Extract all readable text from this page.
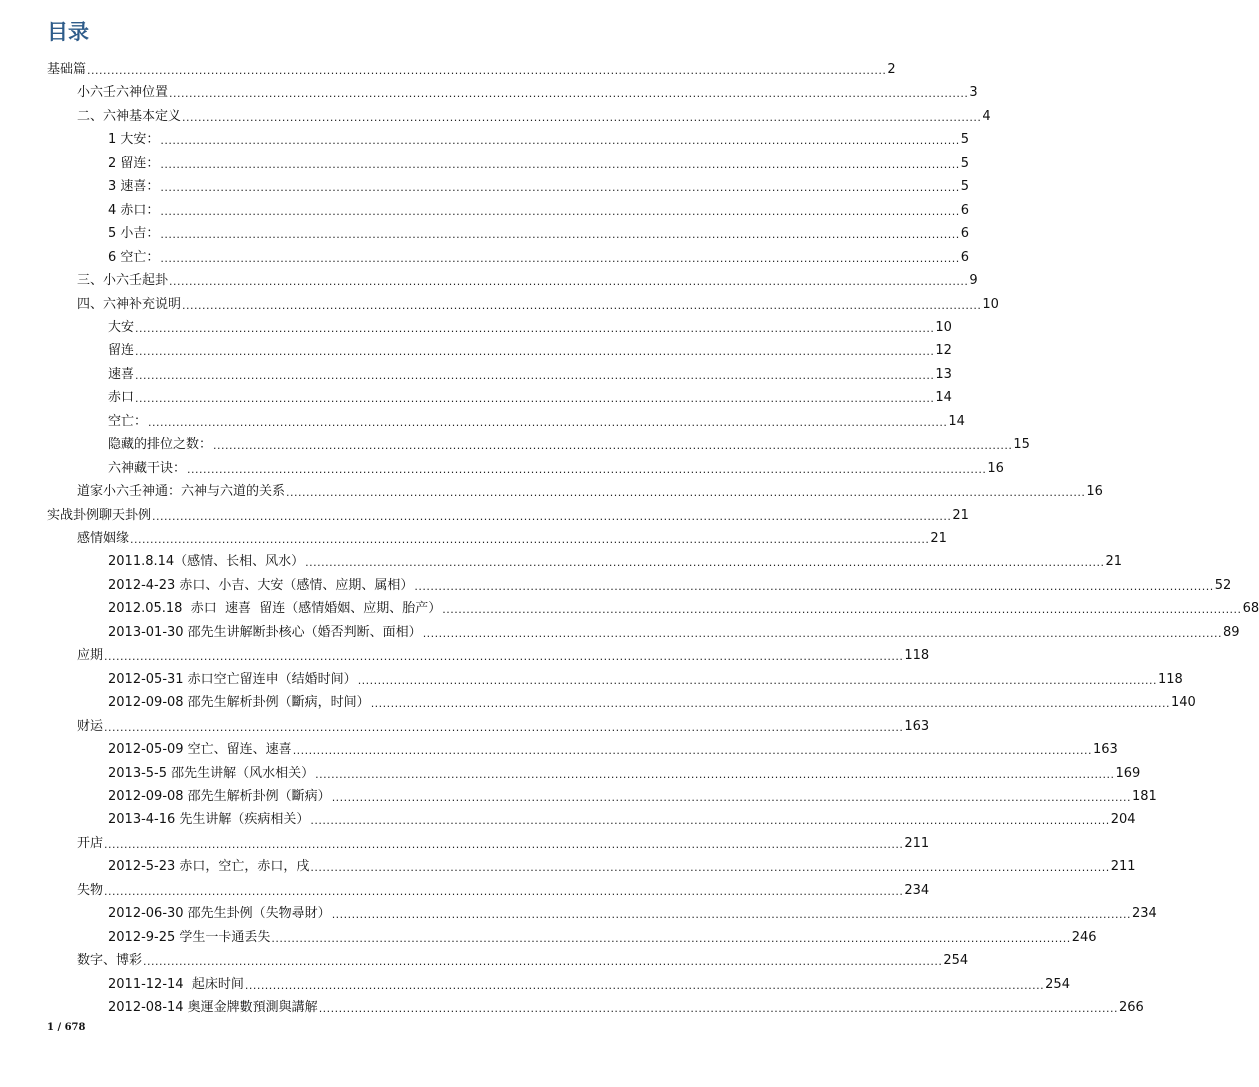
目录
基础篇 ........................................................................................................................................................................................................ 2
小六壬六神位置 ........................................................................................................................................................................................................ 3
二、六神基本定义 ........................................................................................................................................................................................................ 4
1 大安： ........................................................................................................................................................................................................ 5
2 留连： ........................................................................................................................................................................................................ 5
3 速喜： ........................................................................................................................................................................................................ 5
4 赤口： ........................................................................................................................................................................................................ 6
5 小吉： ........................................................................................................................................................................................................ 6
6 空亡： ........................................................................................................................................................................................................ 6
三、小六壬起卦 ........................................................................................................................................................................................................ 9
四、六神补充说明 ........................................................................................................................................................................................................ 10
大安 ........................................................................................................................................................................................................ 10
留连 ........................................................................................................................................................................................................ 12
速喜 ........................................................................................................................................................................................................ 13
赤口 ........................................................................................................................................................................................................ 14
空亡： ........................................................................................................................................................................................................ 14
隐藏的排位之数： ........................................................................................................................................................................................................ 15
六神藏干诀： ........................................................................................................................................................................................................ 16
道家小六壬神通：六神与六道的关系 ........................................................................................................................................................................................................ 16
实战卦例聊天卦例 ........................................................................................................................................................................................................ 21
感情姻缘 ........................................................................................................................................................................................................ 21
2011.8.14（感情、长相、风水） ........................................................................................................................................................................................................ 21
2012-4-23 赤口、小吉、大安（感情、应期、属相） ........................................................................................................................................................................................................ 52
2012.05.18  赤口  速喜  留连（感情婚姻、应期、胎产） ........................................................................................................................................................................................................ 68
2013-01-30 邵先生讲解断卦核心（婚否判断、面相） ........................................................................................................................................................................................................ 89
应期 ........................................................................................................................................................................................................ 118
2012-05-31 赤口空亡留连申（结婚时间） ........................................................................................................................................................................................................ 118
2012-09-08 邵先生解析卦例（斷病，时间） ........................................................................................................................................................................................................ 140
财运 ........................................................................................................................................................................................................ 163
2012-05-09 空亡、留连、速喜 ........................................................................................................................................................................................................ 163
2013-5-5 邵先生讲解（风水相关） ........................................................................................................................................................................................................ 169
2012-09-08 邵先生解析卦例（斷病） ........................................................................................................................................................................................................ 181
2013-4-16 先生讲解（疾病相关） ........................................................................................................................................................................................................ 204
开店 ........................................................................................................................................................................................................ 211
2012-5-23 赤口，空亡，赤口，戌 ........................................................................................................................................................................................................ 211
失物 ........................................................................................................................................................................................................ 234
2012-06-30 邵先生卦例（失物尋財） ........................................................................................................................................................................................................ 234
2012-9-25 学生一卡通丢失 ........................................................................................................................................................................................................ 246
数字、博彩 ........................................................................................................................................................................................................ 254
2011-12-14  起床时间 ........................................................................................................................................................................................................ 254
2012-08-14 奥運金牌數預測與講解 ........................................................................................................................................................................................................ 266
1 / 678
